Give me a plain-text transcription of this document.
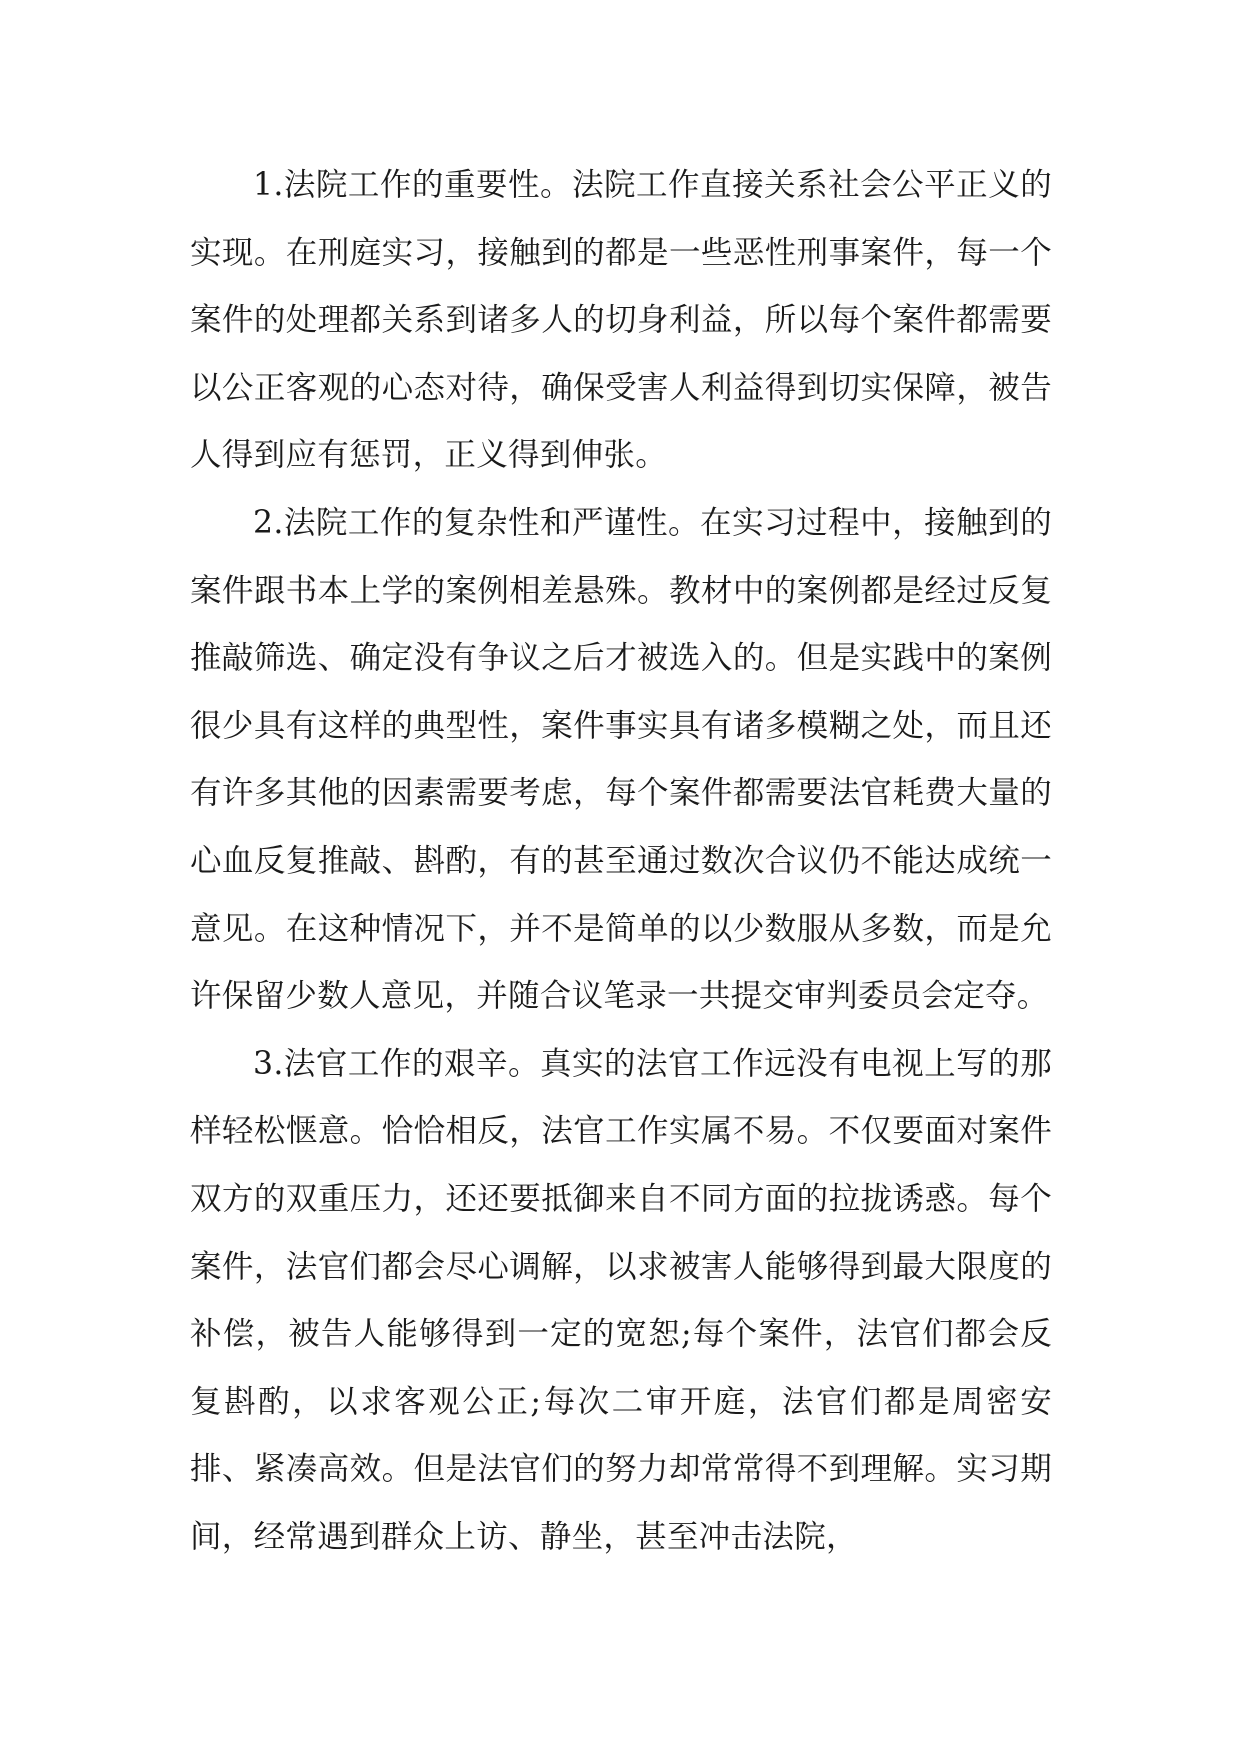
1.法院工作的重要性。法院工作直接关系社会公平正义的实现。在刑庭实习，接触到的都是一些恶性刑事案件，每一个案件的处理都关系到诸多人的切身利益，所以每个案件都需要以公正客观的心态对待，确保受害人利益得到切实保障，被告人得到应有惩罚，正义得到伸张。

2.法院工作的复杂性和严谨性。在实习过程中，接触到的案件跟书本上学的案例相差悬殊。教材中的案例都是经过反复推敲筛选、确定没有争议之后才被选入的。但是实践中的案例很少具有这样的典型性，案件事实具有诸多模糊之处，而且还有许多其他的因素需要考虑，每个案件都需要法官耗费大量的心血反复推敲、斟酌，有的甚至通过数次合议仍不能达成统一意见。在这种情况下，并不是简单的以少数服从多数，而是允许保留少数人意见，并随合议笔录一共提交审判委员会定夺。

3.法官工作的艰辛。真实的法官工作远没有电视上写的那样轻松惬意。恰恰相反，法官工作实属不易。不仅要面对案件双方的双重压力，还还要抵御来自不同方面的拉拢诱惑。每个案件，法官们都会尽心调解，以求被害人能够得到最大限度的补偿，被告人能够得到一定的宽恕;每个案件，法官们都会反复斟酌，以求客观公正;每次二审开庭，法官们都是周密安排、紧凑高效。但是法官们的努力却常常得不到理解。实习期间，经常遇到群众上访、静坐，甚至冲击法院，
